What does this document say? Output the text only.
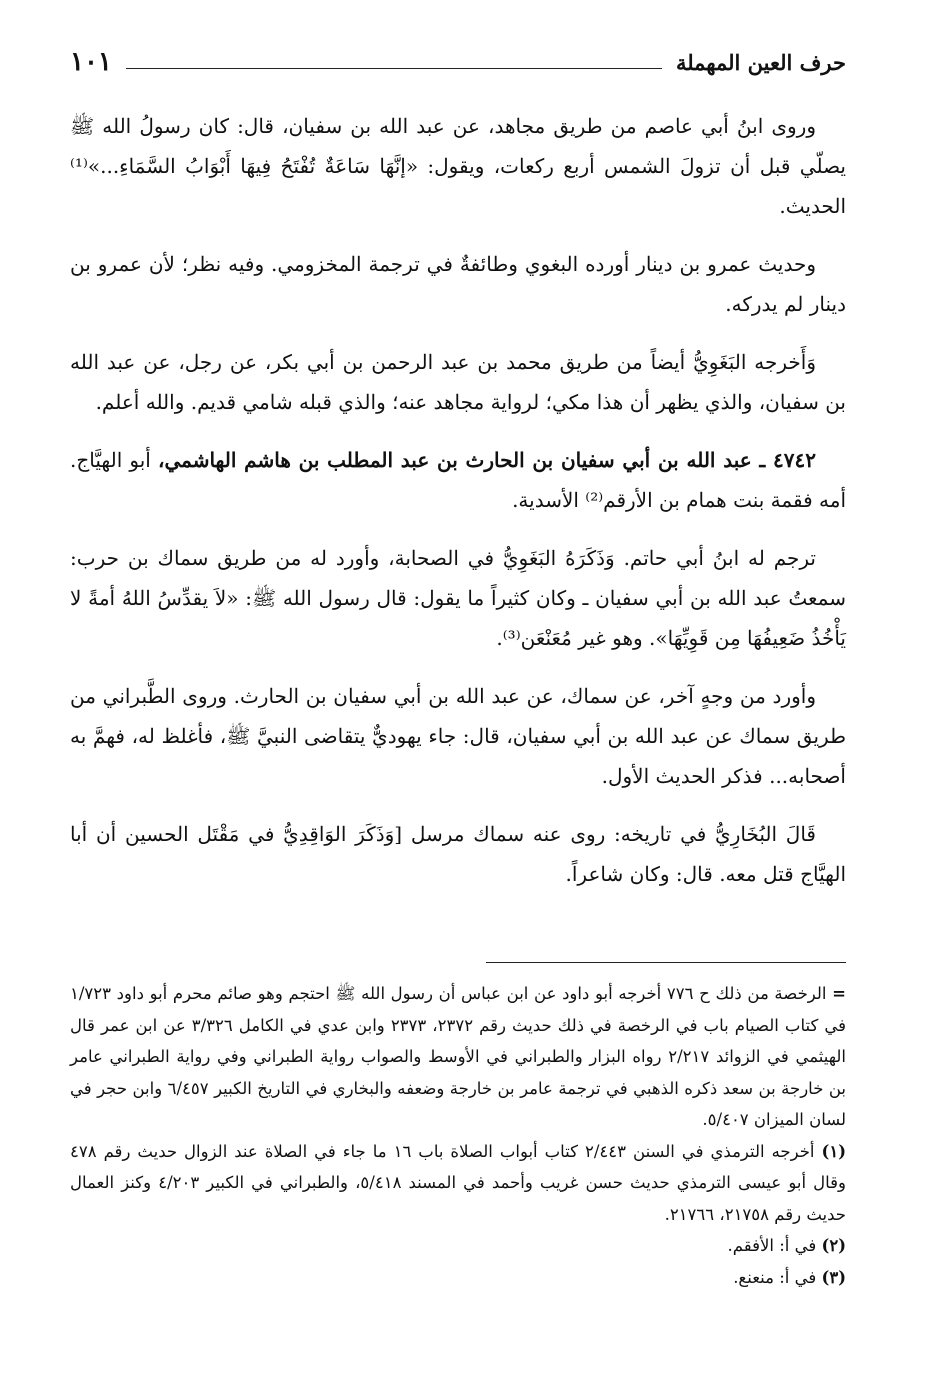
حرف العين المهملة
١٠١

وروى ابنُ أبي عاصم من طريق مجاهد، عن عبد الله بن سفيان، قال: كان رسولُ الله ﷺ يصلّي قبل أن تزولَ الشمس أربع ركعات، ويقول: «إنَّهَا سَاعَةٌ تُفْتَحُ فِيهَا أَبْوَابُ السَّمَاءِ...»⁽¹⁾ الحديث.

وحديث عمرو بن دينار أورده البغوي وطائفةٌ في ترجمة المخزومي. وفيه نظر؛ لأن عمرو بن دينار لم يدركه.

وَأَخرجه البَغَوِيُّ أيضاً من طريق محمد بن عبد الرحمن بن أبي بكر، عن رجل، عن عبد الله بن سفيان، والذي يظهر أن هذا مكي؛ لرواية مجاهد عنه؛ والذي قبله شامي قديم. والله أعلم.

٤٧٤٢ ـ عبد الله بن أبي سفيان بن الحارث بن عبد المطلب بن هاشم الهاشمي، أبو الهيَّاج. أمه فقمة بنت همام بن الأرقم⁽²⁾ الأسدية.

ترجم له ابنُ أبي حاتم. وَذَكَرَهُ البَغَوِيُّ في الصحابة، وأورد له من طريق سماك بن حرب: سمعتُ عبد الله بن أبي سفيان ـ وكان كثيراً ما يقول: قال رسول الله ﷺ: «لاَ يقدِّسُ اللهُ أمةً لا يَأْخُذُ ضَعِيفُهَا مِن قَوِيِّهَا». وهو غير مُعَنْعَن⁽³⁾.

وأورد من وجهٍ آخر، عن سماك، عن عبد الله بن أبي سفيان بن الحارث. وروى الطَّبراني من طريق سماك عن عبد الله بن أبي سفيان، قال: جاء يهوديٌّ يتقاضى النبيَّ ﷺ، فأغلظ له، فهمَّ به أصحابه... فذكر الحديث الأول.

قَالَ البُخَارِيُّ في تاريخه: روى عنه سماك مرسل [وَذَكَرَ الوَاقِدِيُّ في مَقْتَل الحسين أن أبا الهيَّاج قتل معه. قال: وكان شاعراً.

= الرخصة من ذلك ح ٧٧٦ أخرجه أبو داود عن ابن عباس أن رسول الله ﷺ احتجم وهو صائم محرم أبو داود ١/٧٢٣ في كتاب الصيام باب في الرخصة في ذلك حديث رقم ٢٣٧٢، ٢٣٧٣ وابن عدي في الكامل ٣/٣٢٦ عن ابن عمر قال الهيثمي في الزوائد ٢/٢١٧ رواه البزار والطبراني في الأوسط والصواب رواية الطبراني وفي رواية الطبراني عامر بن خارجة بن سعد ذكره الذهبي في ترجمة عامر بن خارجة وضعفه والبخاري في التاريخ الكبير ٦/٤٥٧ وابن حجر في لسان الميزان ٥/٤٠٧.

(١) أخرجه الترمذي في السنن ٢/٤٤٣ كتاب أبواب الصلاة باب ١٦ ما جاء في الصلاة عند الزوال حديث رقم ٤٧٨ وقال أبو عيسى الترمذي حديث حسن غريب وأحمد في المسند ٥/٤١٨، والطبراني في الكبير ٤/٢٠٣ وكنز العمال حديث رقم ٢١٧٥٨، ٢١٧٦٦.

(٢) في أ: الأفقم.

(٣) في أ: منعنع.
